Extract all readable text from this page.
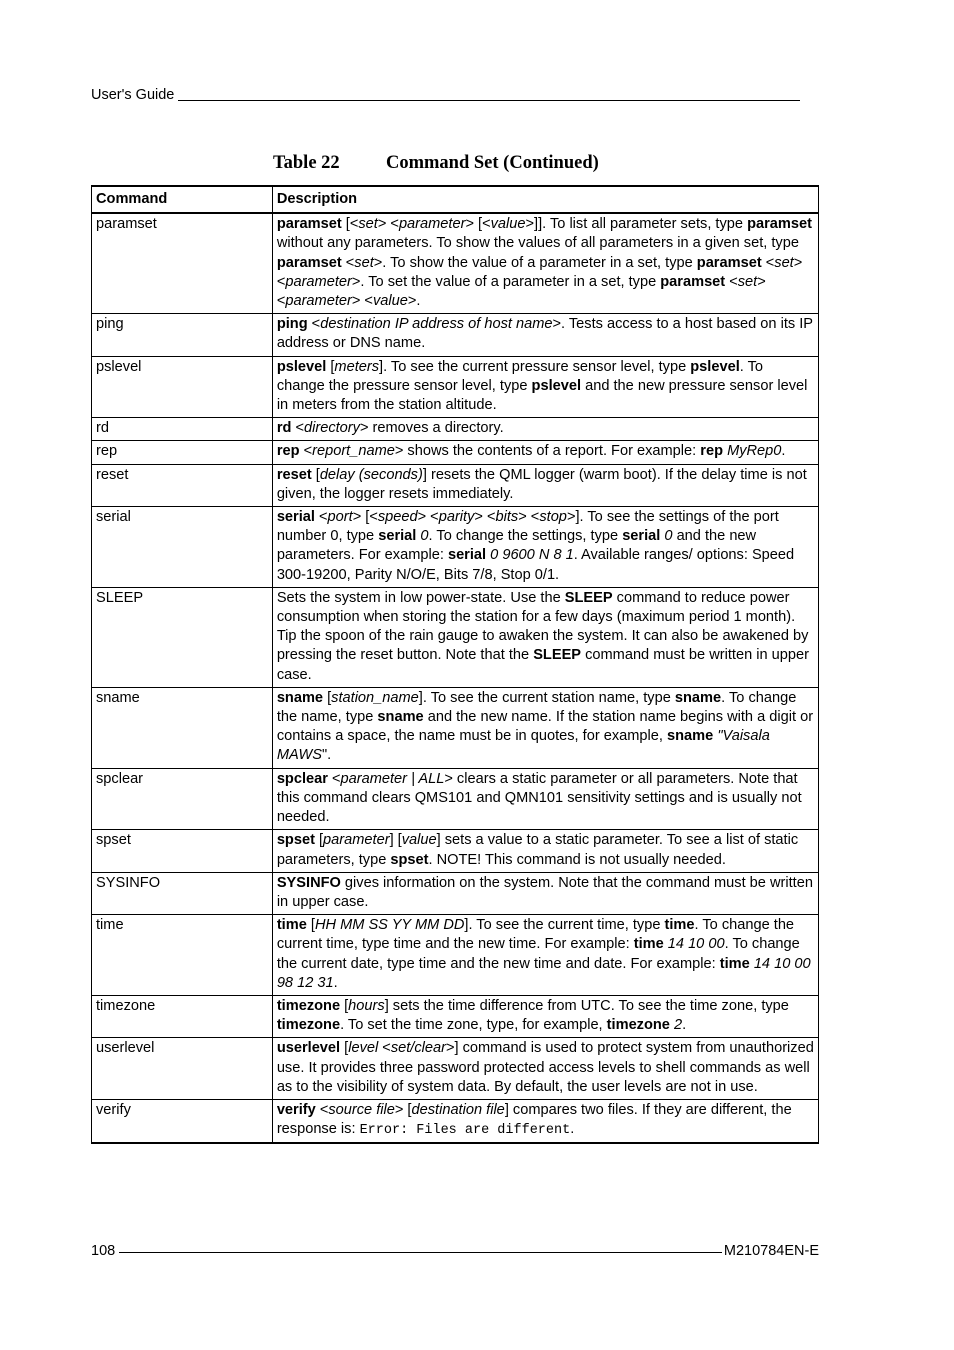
User's Guide
Table 22	Command Set (Continued)
Command	Description
paramset	paramset [<set> <parameter> [<value>]]. To list all parameter sets, type paramset without any parameters. To show the values of all parameters in a given set, type paramset <set>. To show the value of a parameter in a set, type paramset <set> <parameter>. To set the value of a parameter in a set, type paramset <set> <parameter> <value>.
ping	ping <destination IP address of host name>. Tests access to a host based on its IP address or DNS name.
pslevel	pslevel [meters]. To see the current pressure sensor level, type pslevel. To change the pressure sensor level, type pslevel and the new pressure sensor level in meters from the station altitude.
rd	rd <directory> removes a directory.
rep	rep <report_name> shows the contents of a report. For example: rep MyRep0.
reset	reset [delay (seconds)] resets the QML logger (warm boot). If the delay time is not given, the logger resets immediately.
serial	serial <port> [<speed> <parity> <bits> <stop>]. To see the settings of the port number 0, type serial 0. To change the settings, type serial 0 and the new parameters. For example: serial 0 9600 N 8 1. Available ranges/ options: Speed 300-19200, Parity N/O/E, Bits 7/8, Stop 0/1.
SLEEP	Sets the system in low power-state. Use the SLEEP command to reduce power consumption when storing the station for a few days (maximum period 1 month). Tip the spoon of the rain gauge to awaken the system. It can also be awakened by pressing the reset button. Note that the SLEEP command must be written in upper case.
sname	sname [station_name]. To see the current station name, type sname. To change the name, type sname and the new name. If the station name begins with a digit or contains a space, the name must be in quotes, for example, sname "Vaisala MAWS".
spclear	spclear <parameter | ALL> clears a static parameter or all parameters. Note that this command clears QMS101 and QMN101 sensitivity settings and is usually not needed.
spset	spset [parameter] [value] sets a value to a static parameter. To see a list of static parameters, type spset. NOTE! This command is not usually needed.
SYSINFO	SYSINFO gives information on the system. Note that the command must be written in upper case.
time	time [HH MM SS YY MM DD]. To see the current time, type time. To change the current time, type time and the new time. For example: time 14 10 00. To change the current date, type time and the new time and date. For example: time 14 10 00 98 12 31.
timezone	timezone [hours] sets the time difference from UTC. To see the time zone, type timezone. To set the time zone, type, for example, timezone 2.
userlevel	userlevel [level <set/clear>] command is used to protect system from unauthorized use. It provides three password protected access levels to shell commands as well as to the visibility of system data. By default, the user levels are not in use.
verify	verify <source file> [destination file] compares two files. If they are different, the response is: Error: Files are different.
108	M210784EN-E
